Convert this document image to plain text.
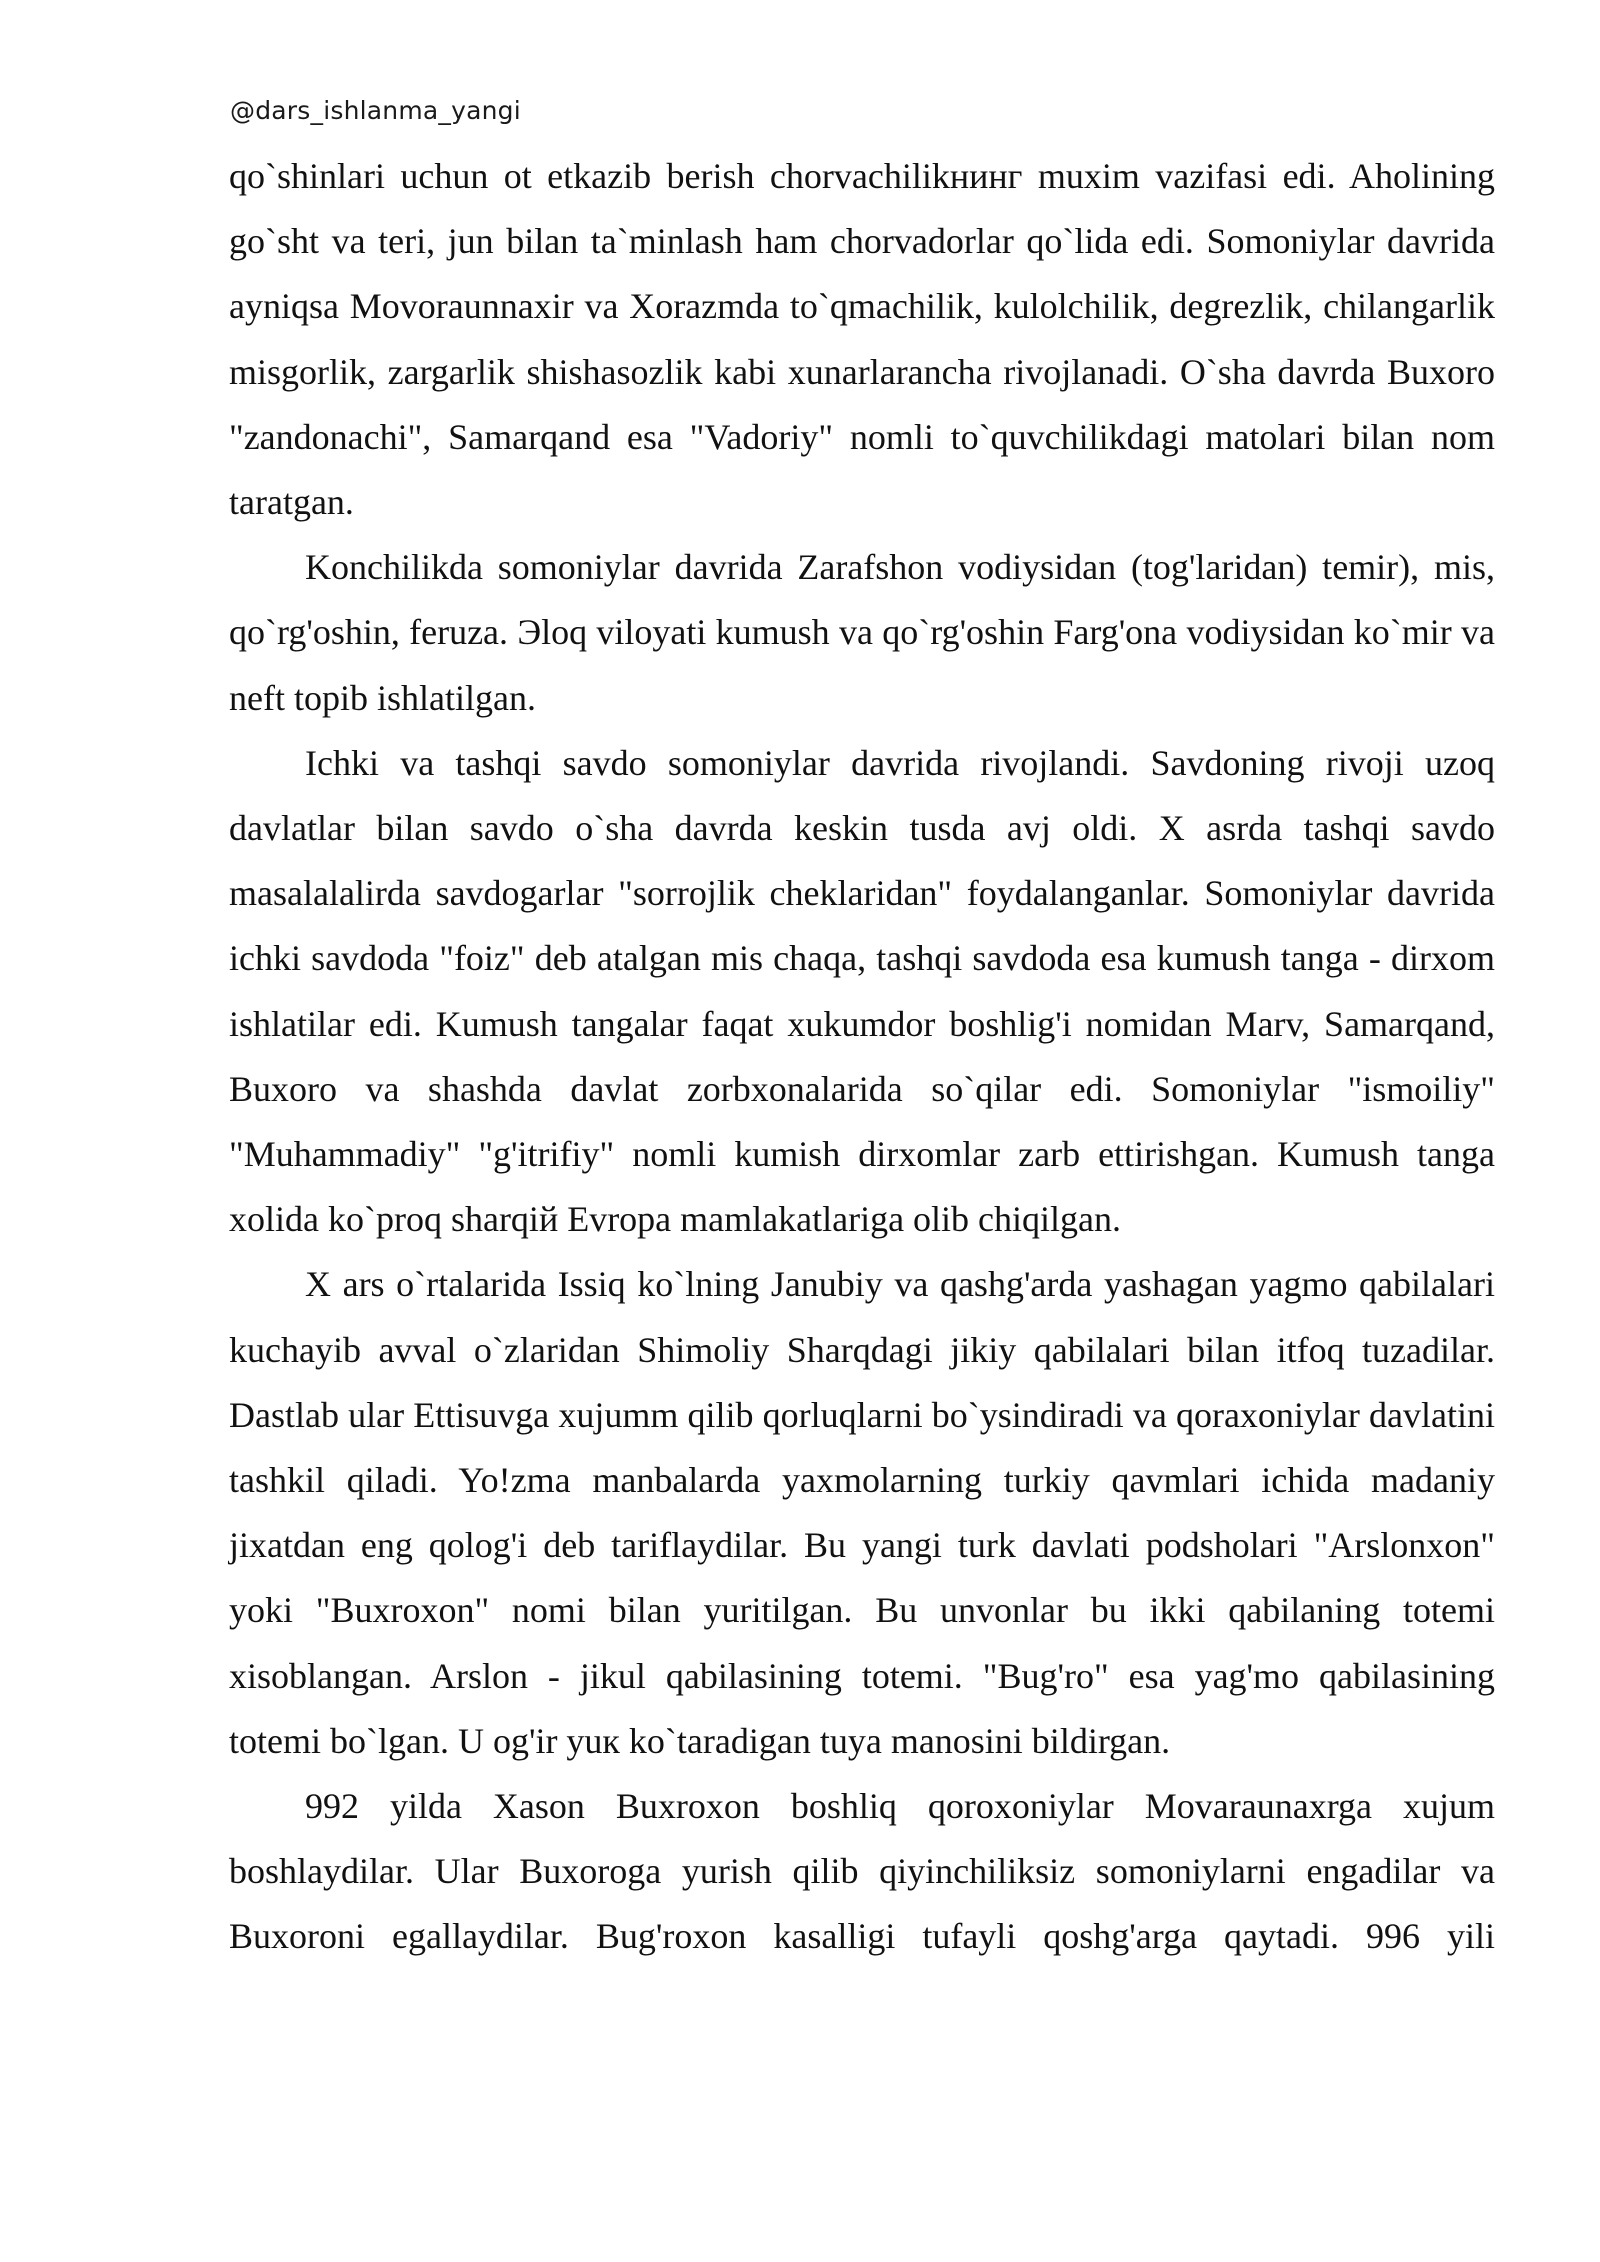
@dars_ishlanma_yangi

qo`shinlari uchun ot etkazib berish chorvachilikнинг muxim vazifasi edi. Aholining go`sht va teri, jun bilan ta`minlash ham chorvadorlar qo`lida edi. Somoniylar davrida ayniqsa Movoraunnaxir va Xorazmda to`qmachilik, kulolchilik, degrezlik, chilangarlik misgorlik, zargarlik shishasozlik kabi xunarlarancha rivojlanadi. O`sha davrda Buxoro "zandonachi", Samarqand esa "Vadoriy" nomli to`quvchilikdagi matolari bilan nom taratgan.

Konchilikda somoniylar davrida Zarafshon vodiysidan (tog'laridan) temir), mis, qo`rg'oshin, feruza. Эloq viloyati kumush va qo`rg'oshin Farg'ona vodiysidan ko`mir va neft topib ishlatilgan.

Ichki va tashqi savdo somoniylar davrida rivojlandi. Savdoning rivoji uzoq davlatlar bilan savdo o`sha davrda keskin tusda avj oldi. X asrda tashqi savdo masalalalirda savdogarlar "sorrojlik cheklaridan" foydalanganlar. Somoniylar davrida ichki savdoda "foiz" deb atalgan mis chaqa, tashqi savdoda esa kumush tanga - dirxom ishlatilar edi. Kumush tangalar faqat xukumdor boshlig'i nomidan Marv, Samarqand, Buxoro va shashda davlat zorbxonalarida so`qilar edi. Somoniylar "ismoiliy" "Muhammadiy" "g'itrifiy" nomli kumish dirxomlar zarb ettirishgan. Kumush tanga xolida ko`proq sharqiй Evropa mamlakatlariga olib chiqilgan.

X ars o`rtalarida Issiq ko`lning Janubiy va qashg'arda yashagan yagmo qabilalari kuchayib avval o`zlaridan Shimoliy Sharqdagi jikiy qabilalari bilan itfoq tuzadilar. Dastlab ular Ettisuvga xujumm qilib qorluqlarni bo`ysindiradi va qoraxoniylar davlatini tashkil qiladi. Yo!zma manbalarda yaxmolarning turkiy qavmlari ichida madaniy jixatdan eng qolog'i deb tariflaydilar. Bu yangi turk davlati podsholari "Arslonxon" yoki "Buxroxon" nomi bilan yuritilgan. Bu unvonlar bu ikki qabilaning totemi xisoblangan. Arslon - jikul qabilasining totemi. "Bug'ro" esa yag'mo qabilasining totemi bo`lgan. U og'ir yuк ko`taradigan tuya manosini bildirgan.

992 yilda Xason Buxroxon boshliq qoroxoniylar Movaraunaxrga xujum boshlaydilar. Ular Buxoroga yurish qilib qiyinchiliksiz somoniylarni engadilar va Buxoroni egallaydilar. Bug'roxon kasalligi tufayli qoshg'arga qaytadi. 996 yili
